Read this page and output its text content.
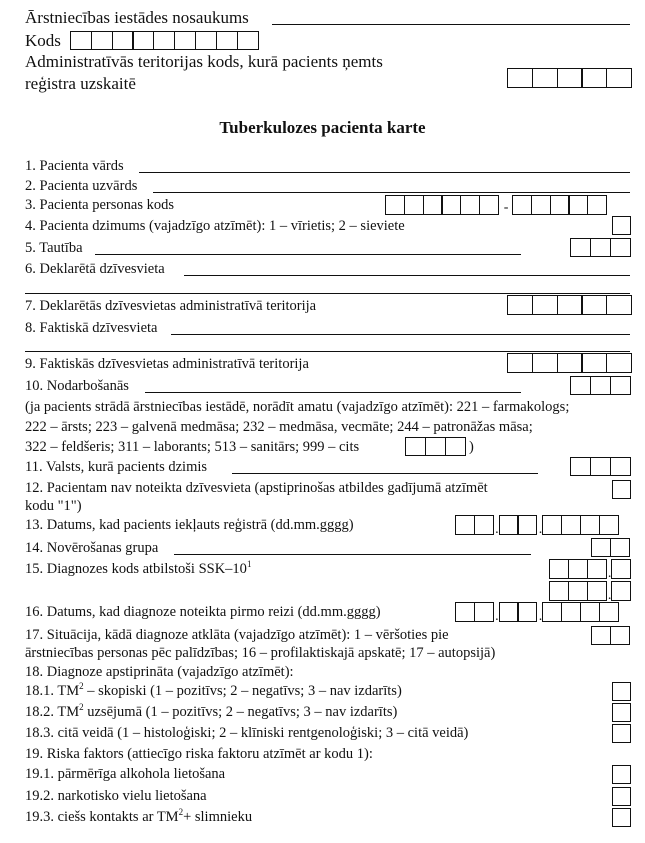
Ārstniecības iestādes nosaukums
Kods
Administratīvās teritorijas kods, kurā pacients ņemts
reģistra uzskaitē
Tuberkulozes pacienta karte
1. Pacienta vārds
2. Pacienta uzvārds
3. Pacienta personas kods	-
4. Pacienta dzimums (vajadzīgo atzīmēt): 1 – vīrietis; 2 – sieviete
5. Tautība
6. Deklarētā dzīvesvieta
7. Deklarētās dzīvesvietas administratīvā teritorija
8. Faktiskā dzīvesvieta
9. Faktiskās dzīvesvietas administratīvā teritorija
10. Nodarbošanās
(ja pacients strādā ārstniecības iestādē, norādīt amatu (vajadzīgo atzīmēt): 221 – farmakologs;
222 – ārsts; 223 – galvenā medmāsa; 232 – medmāsa, vecmāte; 244 – patronāžas māsa;
322 – feldšeris; 311 – laborants; 513 – sanitārs; 999 – cits	)
11. Valsts, kurā pacients dzimis
12. Pacientam nav noteikta dzīvesvieta (apstiprinošas atbildes gadījumā atzīmēt
kodu "1")
13. Datums, kad pacients iekļauts reģistrā (dd.mm.gggg)	.	.
14. Novērošanas grupa
15. Diagnozes kods atbilstoši SSK–$10^1$
.
.
16. Datums, kad diagnoze noteikta pirmo reizi (dd.mm.gggg)	.	.
17. Situācija, kādā diagnoze atklāta (vajadzīgo atzīmēt): 1 – vēršoties pie
ārstniecības personas pēc palīdzības; 16 – profilaktiskajā apskatē; 17 – autopsijā)
18. Diagnoze apstiprināta (vajadzīgo atzīmēt):
18.1. $TM^2$ – skopiski (1 – pozitīvs; 2 – negatīvs; 3 – nav izdarīts)
18.2. $TM^2$ uzsējumā (1 – pozitīvs; 2 – negatīvs; 3 – nav izdarīts)
18.3. citā veidā (1 – histoloģiski; 2 – klīniski rentgenoloģiski; 3 – citā veidā)
19. Riska faktors (attiecīgo riska faktoru atzīmēt ar kodu 1):
19.1. pārmērīga alkohola lietošana
19.2. narkotisko vielu lietošana
19.3. ciešs kontakts ar $TM^2+$ slimnieku
